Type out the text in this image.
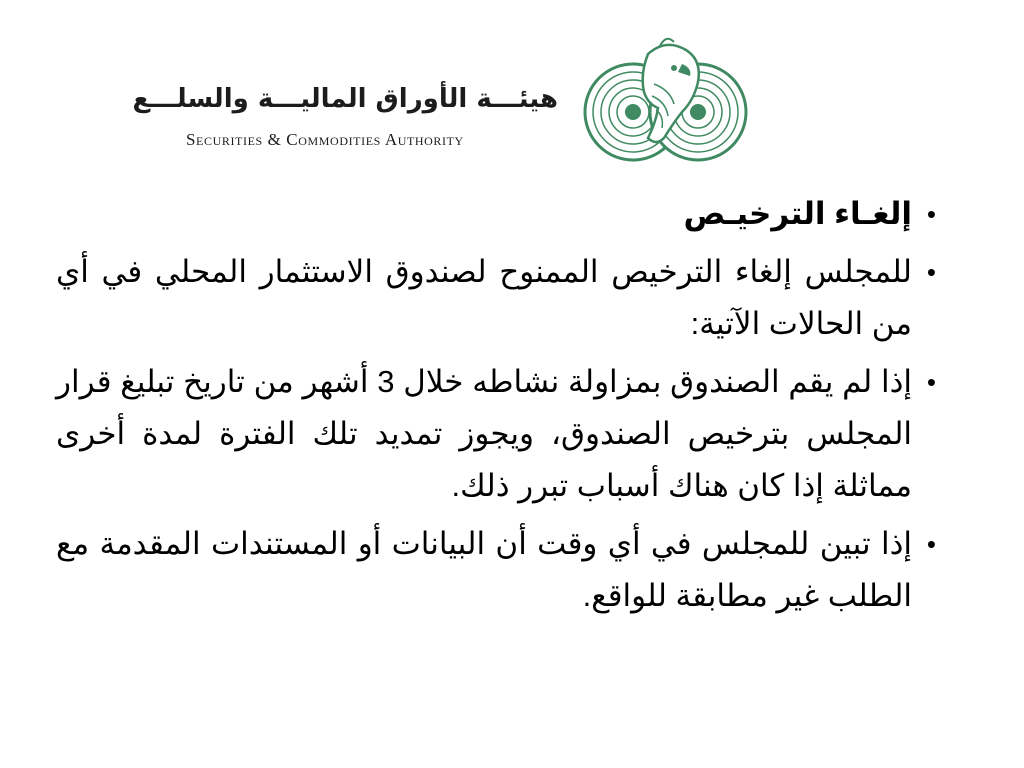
هيئـــة الأوراق الماليـــة والسلـــع
Securities & Commodities Authority
•
إلغـاء الترخيـص
•
للمجلس إلغاء الترخيص الممنوح لصندوق الاستثمار المحلي في أي من الحالات الآتية:
•
إذا لم يقم الصندوق بمزاولة نشاطه خلال 3 أشهر من تاريخ تبليغ قرار المجلس بترخيص الصندوق، ويجوز تمديد تلك الفترة لمدة أخرى مماثلة إذا كان هناك أسباب تبرر ذلك.
•
إذا تبين للمجلس في أي وقت أن البيانات أو المستندات المقدمة مع الطلب غير مطابقة للواقع.
